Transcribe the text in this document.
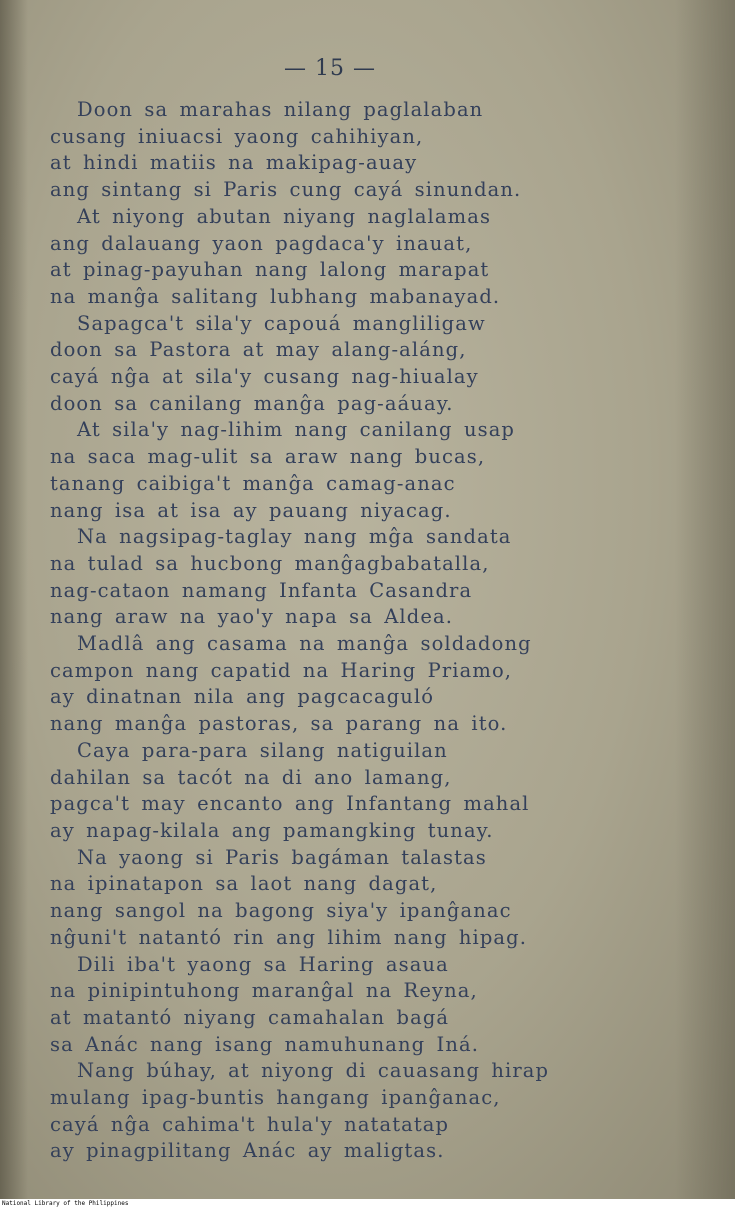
— 15 —
Doon sa marahas nilang paglalaban
cusang iniuacsi yaong cahihiyan,
at hindi matiis na makipag-auay
ang sintang si Paris cung cayá sinundan.
At niyong abutan niyang naglalamas
ang dalauang yaon pagdaca'y inauat,
at pinag-payuhan nang lalong marapat
na manĝa salitang lubhang mabanayad.
Sapagca't sila'y capouá mangliligaw
doon sa Pastora at may alang-aláng,
cayá nĝa at sila'y cusang nag-hiualay
doon sa canilang manĝa pag-aáuay.
At sila'y nag-lihim nang canilang usap
na saca mag-ulit sa araw nang bucas,
tanang caibiga't manĝa camag-anac
nang isa at isa ay pauang niyacag.
Na nagsipag-taglay nang mĝa sandata
na tulad sa hucbong manĝagbabatalla,
nag-cataon namang Infanta Casandra
nang araw na yao'y napa sa Aldea.
Madlâ ang casama na manĝa soldadong
campon nang capatid na Haring Priamo,
ay dinatnan nila ang pagcacaguló
nang manĝa pastoras, sa parang na ito.
Caya para-para silang natiguilan
dahilan sa tacót na di ano lamang,
pagca't may encanto ang Infantang mahal
ay napag-kilala ang pamangking tunay.
Na yaong si Paris bagáman talastas
na ipinatapon sa laot nang dagat,
nang sangol na bagong siya'y ipanĝanac
nĝuni't natantó rin ang lihim nang hipag.
Dili iba't yaong sa Haring asaua
na pinipintuhong maranĝal na Reyna,
at matantó niyang camahalan bagá
sa Anác nang isang namuhunang Iná.
Nang búhay, at niyong di cauasang hirap
mulang ipag-buntis hangang ipanĝanac,
cayá nĝa cahima't hula'y natatatap
ay pinagpilitang Anác ay maligtas.
National Library of the Philippines
